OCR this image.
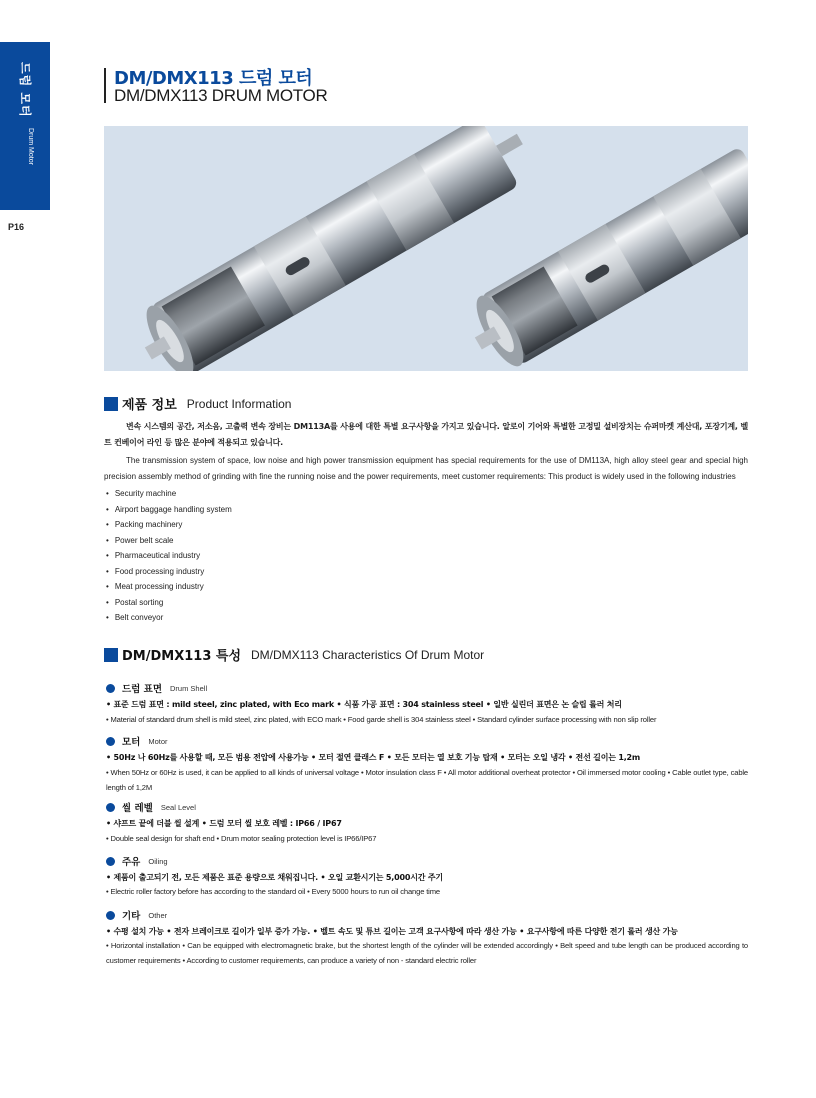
드럼 모터
Drum Motor
P16
DM/DMX113 드럼 모터
DM/DMX113 DRUM MOTOR
제품 정보 Product Information
변속 시스템의 공간, 저소음, 고출력 변속 장비는 DM113A를 사용에 대한 특별 요구사항을 가지고 있습니다. 알로이 기어와 특별한 고정밀 설비장치는 슈퍼마켓 계산대, 포장기계, 벨트 컨베이어 라인 등 많은 분야에 적용되고 있습니다.
The transmission system of space, low noise and high power transmission equipment has special requirements for the use of DM113A, high alloy steel gear and special high precision assembly method of grinding with fine the running noise and the power requirements, meet customer requirements: This product is widely used in the following industries
• Security machine
• Airport baggage handling system
• Packing machinery
• Power belt scale
• Pharmaceutical industry
• Food processing industry
• Meat processing industry
• Postal sorting
• Belt conveyor
DM/DMX113 특성 DM/DMX113 Characteristics Of Drum Motor
드럼 표면 Drum Shell
• 표준 드럼 표면 : mild steel, zinc plated, with Eco mark • 식품 가공 표면 : 304 stainless steel • 일반 실린더 표면은 논 슬립 롤러 처리
• Material of standard drum shell is mild steel, zinc plated, with ECO mark • Food garde shell is 304 stainless steel • Standard cylinder surface processing with non slip roller
모터 Motor
• 50Hz 나 60Hz를 사용할 때, 모든 범용 전압에 사용가능 • 모터 절연 클래스 F • 모든 모터는 열 보호 기능 탑재 • 모터는 오일 냉각 • 전선 길이는 1,2m
• When 50Hz or 60Hz is used, it can be applied to all kinds of universal voltage • Motor insulation class F • All motor additional overheat protector • Oil immersed motor cooling • Cable outlet type, cable length of 1,2M
씰 레벨 Seal Level
• 샤프트 끝에 더블 씰 설계 • 드럼 모터 씰 보호 레벨 : IP66 / IP67
• Double seal design for shaft end • Drum motor sealing protection level is IP66/IP67
주유 Oiling
• 제품이 출고되기 전, 모든 제품은 표준 용량으로 채워집니다. • 오일 교환시기는 5,000시간 주기
• Electric roller factory before has according to the standard oil • Every 5000 hours to run oil change time
기타 Other
• 수평 설치 가능 • 전자 브레이크로 길이가 일부 증가 가능. • 벨트 속도 및 튜브 길이는 고객 요구사항에 따라 생산 가능 • 요구사항에 따른 다양한 전기 롤러 생산 가능
• Horizontal installation • Can be equipped with electromagnetic brake, but the shortest length of the cylinder will be extended accordingly • Belt speed and tube length can be produced according to customer requirements • According to customer requirements, can produce a variety of non - standard electric roller
